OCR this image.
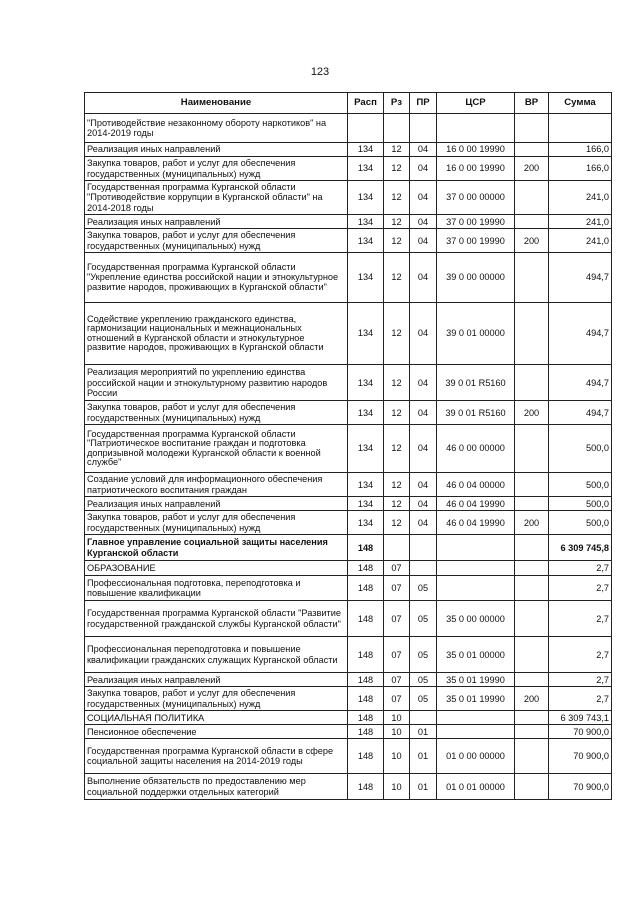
123
Наименование	Расп	Рз	ПР	ЦСР	ВР	Сумма
"Противодействие незаконному обороту наркотиков" на 2014-2019 годы						
Реализация иных направлений	134	12	04	16 0 00 19990		166,0
Закупка товаров, работ и услуг для обеспечения государственных (муниципальных) нужд	134	12	04	16 0 00 19990	200	166,0
Государственная программа Курганской области "Противодействие коррупции в Курганской области" на 2014-2018 годы	134	12	04	37 0 00 00000		241,0
Реализация иных направлений	134	12	04	37 0 00 19990		241,0
Закупка товаров, работ и услуг для обеспечения государственных (муниципальных) нужд	134	12	04	37 0 00 19990	200	241,0
Государственная программа Курганской области "Укрепление единства российской нации и этнокультурное развитие народов, проживающих в Курганской области"	134	12	04	39 0 00 00000		494,7
Содействие укреплению гражданского единства, гармонизации национальных и межнациональных отношений в Курганской области и этнокультурное развитие народов, проживающих в Курганской области	134	12	04	39 0 01 00000		494,7
Реализация мероприятий по укреплению единства российской нации и этнокультурному развитию народов России	134	12	04	39 0 01 R5160		494,7
Закупка товаров, работ и услуг для обеспечения государственных (муниципальных) нужд	134	12	04	39 0 01 R5160	200	494,7
Государственная программа Курганской области "Патриотическое воспитание граждан и подготовка допризывной молодежи Курганской области к военной службе"	134	12	04	46 0 00 00000		500,0
Создание условий для информационного обеспечения патриотического воспитания граждан	134	12	04	46 0 04 00000		500,0
Реализация иных направлений	134	12	04	46 0 04 19990		500,0
Закупка товаров, работ и услуг для обеспечения государственных (муниципальных) нужд	134	12	04	46 0 04 19990	200	500,0
Главное управление социальной защиты населения Курганской области	148					6 309 745,8
ОБРАЗОВАНИЕ	148	07				2,7
Профессиональная подготовка, переподготовка и повышение квалификации	148	07	05			2,7
Государственная программа Курганской области "Развитие государственной гражданской службы Курганской области"	148	07	05	35 0 00 00000		2,7
Профессиональная переподготовка и повышение квалификации гражданских служащих Курганской области	148	07	05	35 0 01 00000		2,7
Реализация иных направлений	148	07	05	35 0 01 19990		2,7
Закупка товаров, работ и услуг для обеспечения государственных (муниципальных) нужд	148	07	05	35 0 01 19990	200	2,7
СОЦИАЛЬНАЯ ПОЛИТИКА	148	10				6 309 743,1
Пенсионное обеспечение	148	10	01			70 900,0
Государственная программа Курганской области в сфере социальной защиты населения на 2014-2019 годы	148	10	01	01 0 00 00000		70 900,0
Выполнение обязательств по предоставлению мер социальной поддержки отдельных категорий	148	10	01	01 0 01 00000		70 900,0
